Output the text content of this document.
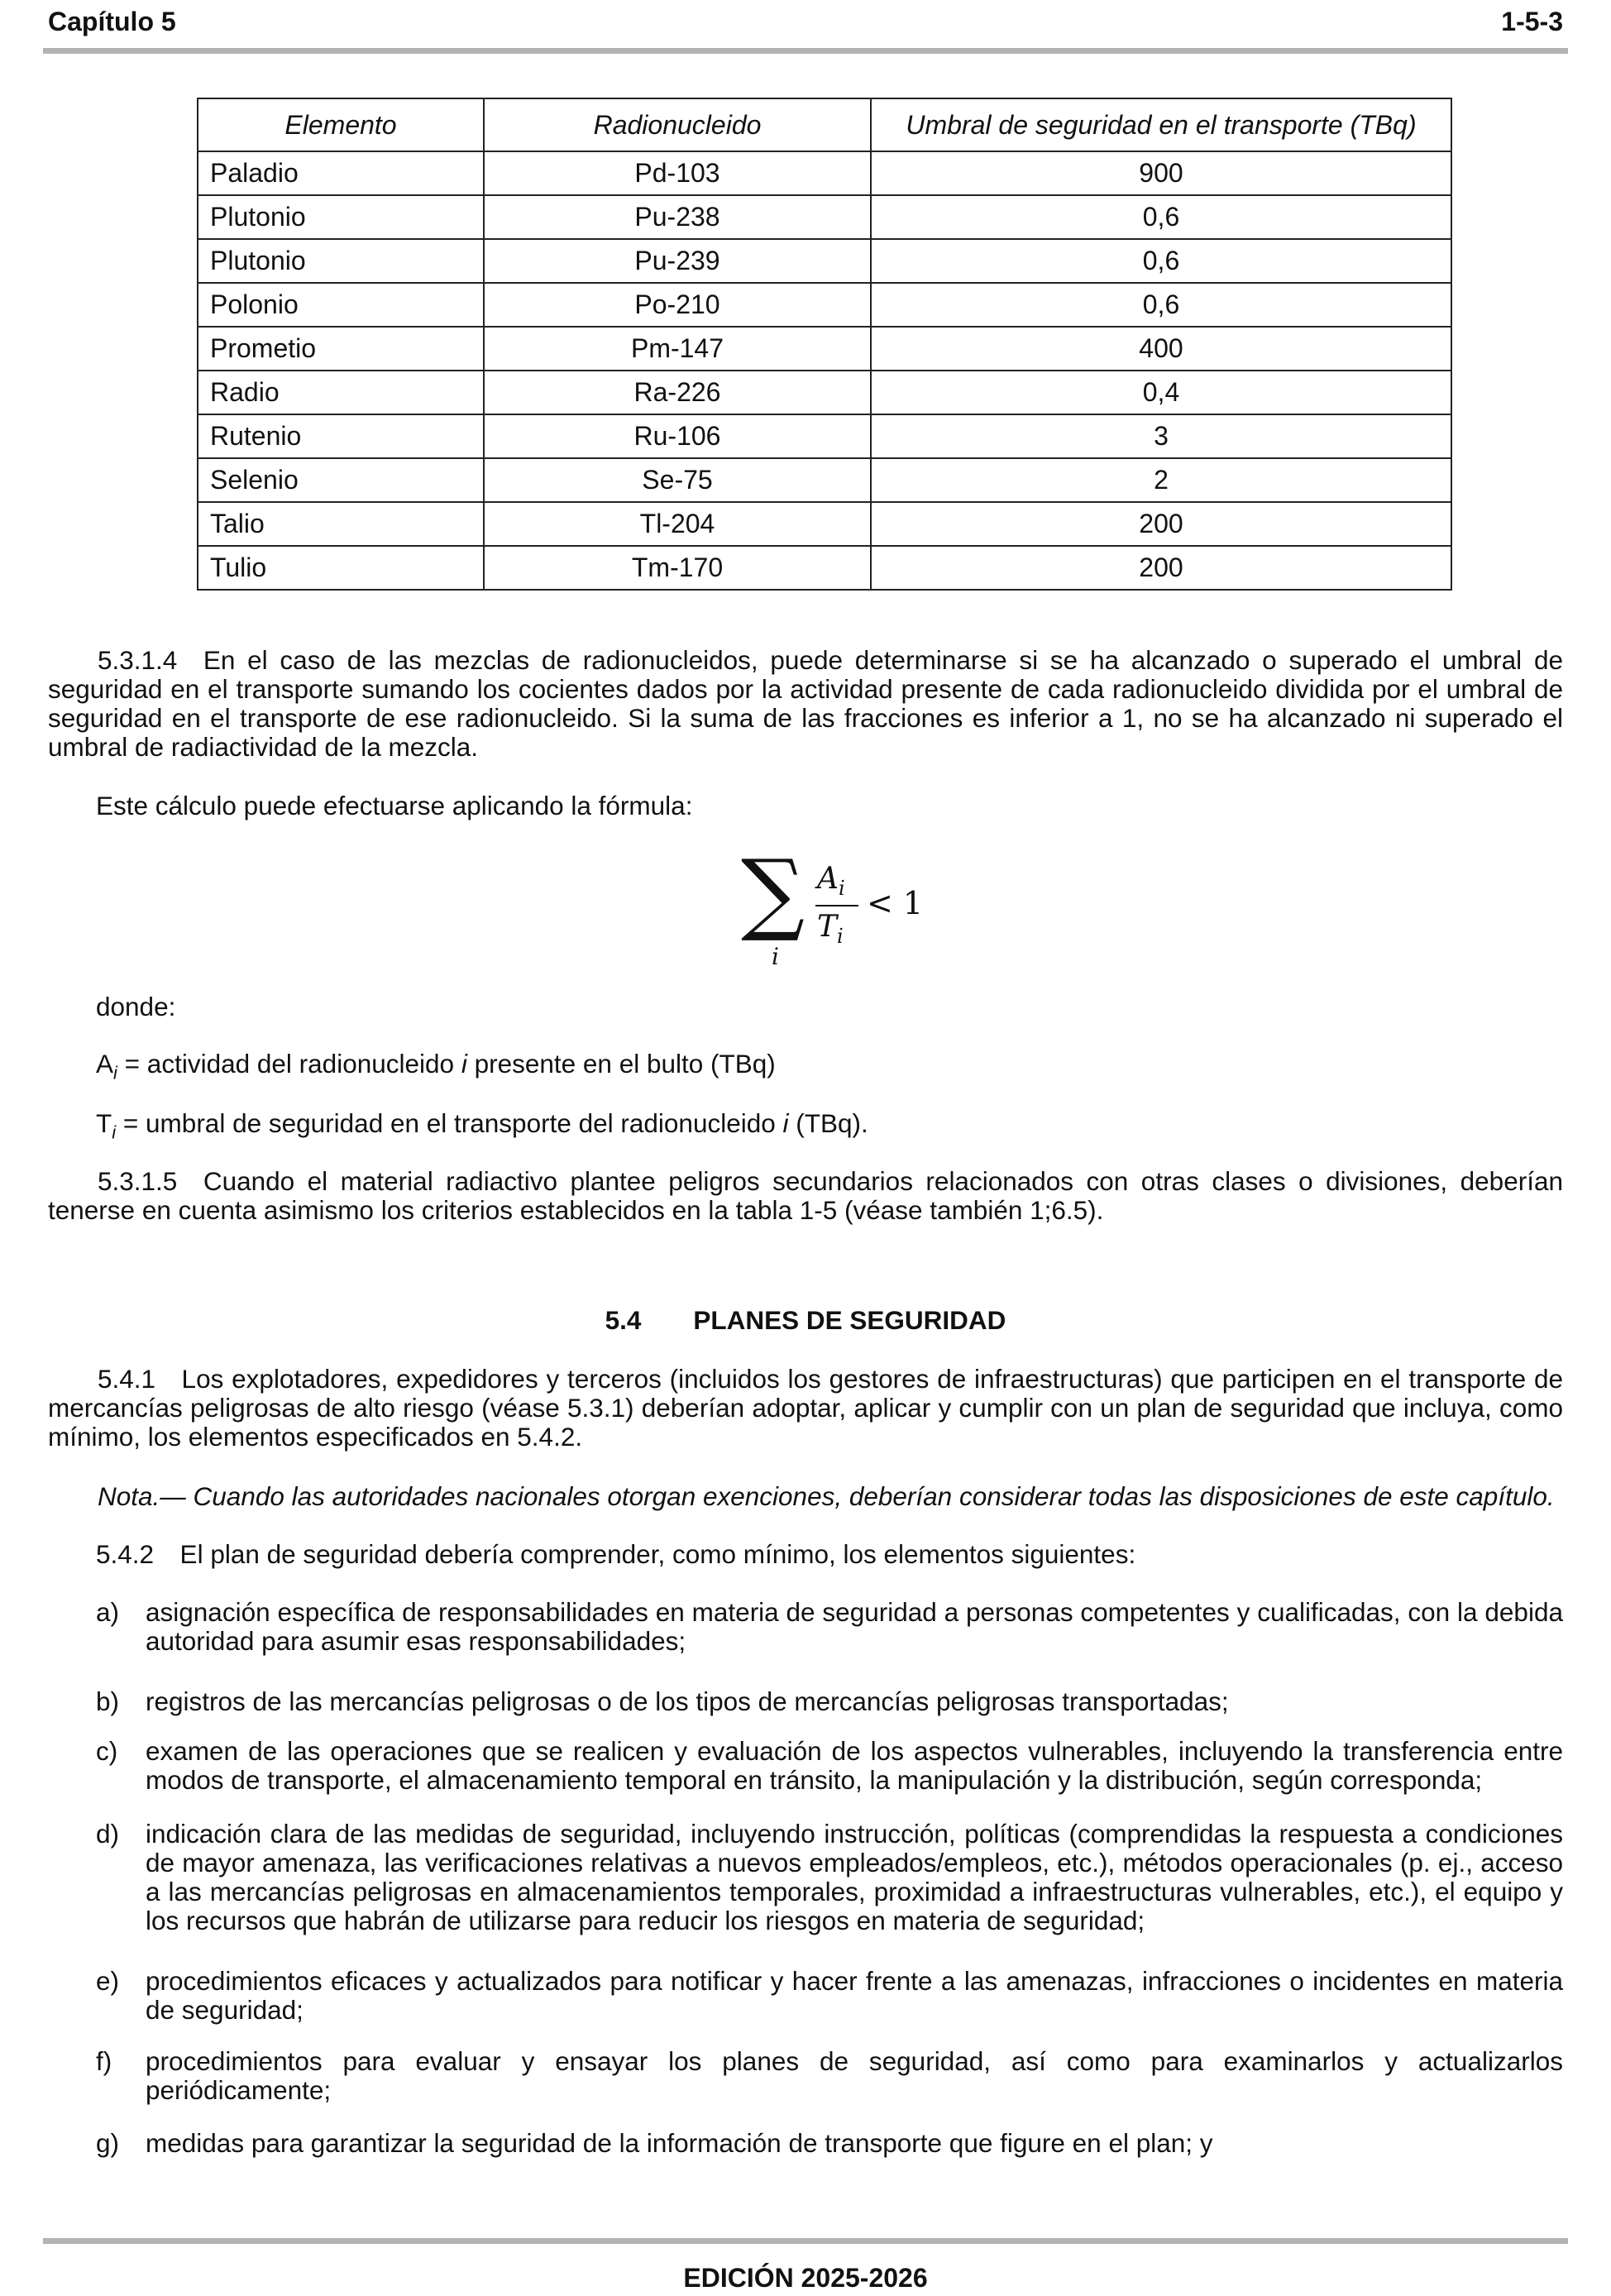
Capítulo 5	1-5-3
Elemento	Radionucleido	Umbral de seguridad en el transporte (TBq)
Paladio	Pd-103	900
Plutonio	Pu-238	0,6
Plutonio	Pu-239	0,6
Polonio	Po-210	0,6
Prometio	Pm-147	400
Radio	Ra-226	0,4
Rutenio	Ru-106	3
Selenio	Se-75	2
Talio	Tl-204	200
Tulio	Tm-170	200
5.3.1.4 En el caso de las mezclas de radionucleidos, puede determinarse si se ha alcanzado o superado el umbral de seguridad en el transporte sumando los cocientes dados por la actividad presente de cada radionucleido dividida por el umbral de seguridad en el transporte de ese radionucleido. Si la suma de las fracciones es inferior a 1, no se ha alcanzado ni superado el umbral de radiactividad de la mezcla.
Este cálculo puede efectuarse aplicando la fórmula:
∑
i
$A_i$
$T_i$
< 1
donde:
$A_i$ = actividad del radionucleido i presente en el bulto (TBq)
$T_i$ = umbral de seguridad en el transporte del radionucleido i (TBq).
5.3.1.5 Cuando el material radiactivo plantee peligros secundarios relacionados con otras clases o divisiones, deberían tenerse en cuenta asimismo los criterios establecidos en la tabla 1-5 (véase también 1;6.5).
5.4  PLANES DE SEGURIDAD
5.4.1 Los explotadores, expedidores y terceros (incluidos los gestores de infraestructuras) que participen en el transporte de mercancías peligrosas de alto riesgo (véase 5.3.1) deberían adoptar, aplicar y cumplir con un plan de seguridad que incluya, como mínimo, los elementos especificados en 5.4.2.
Nota.— Cuando las autoridades nacionales otorgan exenciones, deberían considerar todas las disposiciones de este capítulo.
5.4.2 El plan de seguridad debería comprender, como mínimo, los elementos siguientes:
a) asignación específica de responsabilidades en materia de seguridad a personas competentes y cualificadas, con la debida autoridad para asumir esas responsabilidades;
b) registros de las mercancías peligrosas o de los tipos de mercancías peligrosas transportadas;
c) examen de las operaciones que se realicen y evaluación de los aspectos vulnerables, incluyendo la transferencia entre modos de transporte, el almacenamiento temporal en tránsito, la manipulación y la distribución, según corresponda;
d) indicación clara de las medidas de seguridad, incluyendo instrucción, políticas (comprendidas la respuesta a condiciones de mayor amenaza, las verificaciones relativas a nuevos empleados/empleos, etc.), métodos operacionales (p. ej., acceso a las mercancías peligrosas en almacenamientos temporales, proximidad a infraestructuras vulnerables, etc.), el equipo y los recursos que habrán de utilizarse para reducir los riesgos en materia de seguridad;
e) procedimientos eficaces y actualizados para notificar y hacer frente a las amenazas, infracciones o incidentes en materia de seguridad;
f) procedimientos para evaluar y ensayar los planes de seguridad, así como para examinarlos y actualizarlos periódicamente;
g) medidas para garantizar la seguridad de la información de transporte que figure en el plan; y
EDICIÓN 2025-2026
